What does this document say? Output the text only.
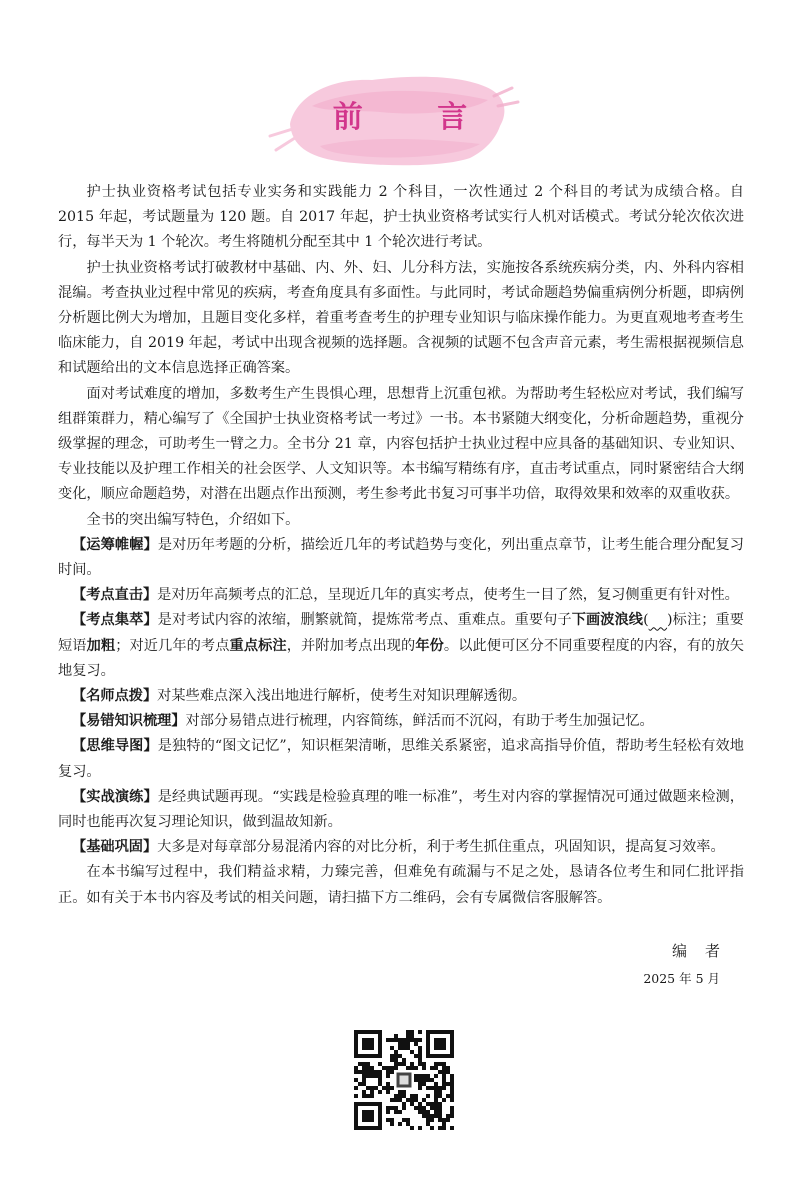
前 言

护士执业资格考试包括专业实务和实践能力 2 个科目，一次性通过 2 个科目的考试为成绩合格。自 2015 年起，考试题量为 120 题。自 2017 年起，护士执业资格考试实行人机对话模式。考试分轮次依次进行，每半天为 1 个轮次。考生将随机分配至其中 1 个轮次进行考试。

护士执业资格考试打破教材中基础、内、外、妇、儿分科方法，实施按各系统疾病分类，内、外科内容相混编。考查执业过程中常见的疾病，考查角度具有多面性。与此同时，考试命题趋势偏重病例分析题，即病例分析题比例大为增加，且题目变化多样，着重考查考生的护理专业知识与临床操作能力。为更直观地考查考生临床能力，自 2019 年起，考试中出现含视频的选择题。含视频的试题不包含声音元素，考生需根据视频信息和试题给出的文本信息选择正确答案。

面对考试难度的增加，多数考生产生畏惧心理，思想背上沉重包袱。为帮助考生轻松应对考试，我们编写组群策群力，精心编写了《全国护士执业资格考试一考过》一书。本书紧随大纲变化，分析命题趋势，重视分级掌握的理念，可助考生一臂之力。全书分 21 章，内容包括护士执业过程中应具备的基础知识、专业知识、专业技能以及护理工作相关的社会医学、人文知识等。本书编写精练有序，直击考试重点，同时紧密结合大纲变化，顺应命题趋势，对潜在出题点作出预测，考生参考此书复习可事半功倍，取得效果和效率的双重收获。

全书的突出编写特色，介绍如下。

【运筹帷幄】是对历年考题的分析，描绘近几年的考试趋势与变化，列出重点章节，让考生能合理分配复习时间。

【考点直击】是对历年高频考点的汇总，呈现近几年的真实考点，使考生一目了然，复习侧重更有针对性。

【考点集萃】是对考试内容的浓缩，删繁就简，提炼常考点、重难点。重要句子下画波浪线( )标注；重要短语加粗；对近几年的考点重点标注，并附加考点出现的年份。以此便可区分不同重要程度的内容，有的放矢地复习。

【名师点拨】对某些难点深入浅出地进行解析，使考生对知识理解透彻。

【易错知识梳理】对部分易错点进行梳理，内容简练，鲜活而不沉闷，有助于考生加强记忆。

【思维导图】是独特的“图文记忆”，知识框架清晰，思维关系紧密，追求高指导价值，帮助考生轻松有效地复习。

【实战演练】是经典试题再现。“实践是检验真理的唯一标准”，考生对内容的掌握情况可通过做题来检测，同时也能再次复习理论知识，做到温故知新。

【基础巩固】大多是对每章部分易混淆内容的对比分析，利于考生抓住重点，巩固知识，提高复习效率。

在本书编写过程中，我们精益求精，力臻完善，但难免有疏漏与不足之处，恳请各位考生和同仁批评指正。如有关于本书内容及考试的相关问题，请扫描下方二维码，会有专属微信客服解答。

编者
2025 年 5 月
